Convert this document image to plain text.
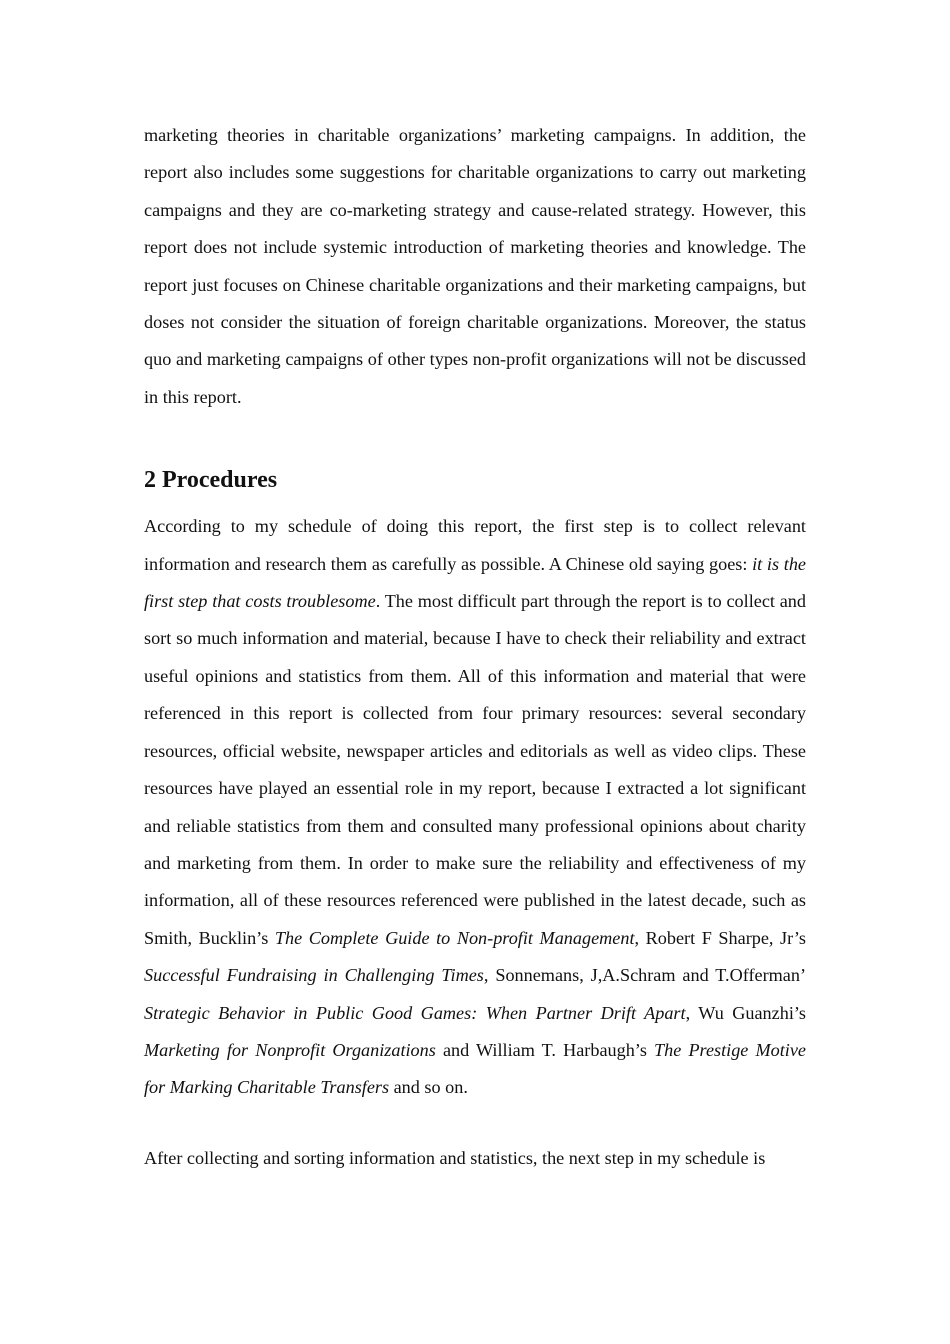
marketing theories in charitable organizations’ marketing campaigns. In addition, the report also includes some suggestions for charitable organizations to carry out marketing campaigns and they are co-marketing strategy and cause-related strategy. However, this report does not include systemic introduction of marketing theories and knowledge. The report just focuses on Chinese charitable organizations and their marketing campaigns, but doses not consider the situation of foreign charitable organizations. Moreover, the status quo and marketing campaigns of other types non-profit organizations will not be discussed in this report.

2 Procedures

According to my schedule of doing this report, the first step is to collect relevant information and research them as carefully as possible. A Chinese old saying goes: it is the first step that costs troublesome. The most difficult part through the report is to collect and sort so much information and material, because I have to check their reliability and extract useful opinions and statistics from them. All of this information and material that were referenced in this report is collected from four primary resources: several secondary resources, official website, newspaper articles and editorials as well as video clips. These resources have played an essential role in my report, because I extracted a lot significant and reliable statistics from them and consulted many professional opinions about charity and marketing from them. In order to make sure the reliability and effectiveness of my information, all of these resources referenced were published in the latest decade, such as Smith, Bucklin’s The Complete Guide to Non-profit Management, Robert F Sharpe, Jr’s Successful Fundraising in Challenging Times, Sonnemans, J,A.Schram and T.Offerman’ Strategic Behavior in Public Good Games: When Partner Drift Apart, Wu Guanzhi’s Marketing for Nonprofit Organizations and William T. Harbaugh’s The Prestige Motive for Marking Charitable Transfers and so on.

After collecting and sorting information and statistics, the next step in my schedule is
